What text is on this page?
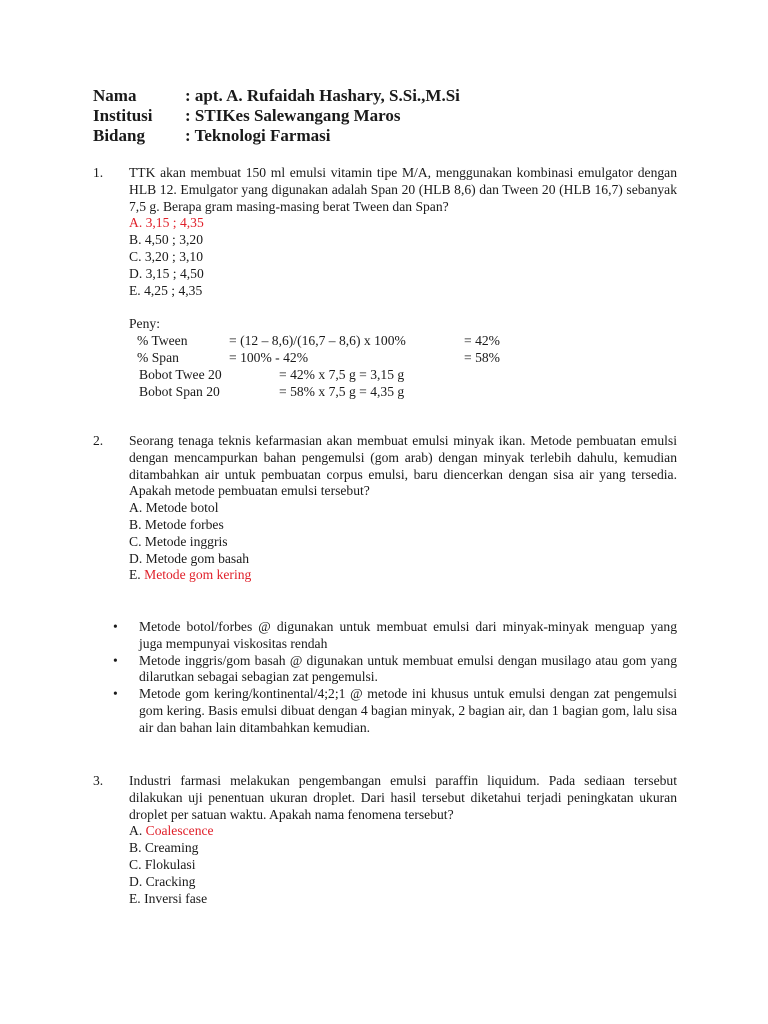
Nama	: apt. A. Rufaidah Hashary, S.Si.,M.Si
Institusi : STIKes Salewangang Maros
Bidang : Teknologi Farmasi
1. TTK akan membuat 150 ml emulsi vitamin tipe M/A, menggunakan kombinasi emulgator dengan HLB 12. Emulgator yang digunakan adalah Span 20 (HLB 8,6) dan Tween 20 (HLB 16,7) sebanyak 7,5 g. Berapa gram masing-masing berat Tween dan Span?
A. 3,15 ; 4,35
B. 4,50 ; 3,20
C. 3,20 ; 3,10
D. 3,15 ; 4,50
E. 4,25 ; 4,35
Peny:
% Tween	= (12 – 8,6)/(16,7 – 8,6) x 100%	= 42%
% Span	= 100% - 42%	= 58%
Bobot Twee 20	= 42% x 7,5 g = 3,15 g
Bobot Span 20	= 58% x 7,5 g = 4,35 g
2. Seorang tenaga teknis kefarmasian akan membuat emulsi minyak ikan. Metode pembuatan emulsi dengan mencampurkan bahan pengemulsi (gom arab) dengan minyak terlebih dahulu, kemudian ditambahkan air untuk pembuatan corpus emulsi, baru diencerkan dengan sisa air yang tersedia. Apakah metode pembuatan emulsi tersebut?
A. Metode botol
B. Metode forbes
C. Metode inggris
D. Metode gom basah
E. Metode gom kering
• Metode botol/forbes @ digunakan untuk membuat emulsi dari minyak-minyak menguap yang juga mempunyai viskositas rendah
• Metode inggris/gom basah @ digunakan untuk membuat emulsi dengan musilago atau gom yang dilarutkan sebagai sebagian zat pengemulsi.
• Metode gom kering/kontinental/4;2;1 @ metode ini khusus untuk emulsi dengan zat pengemulsi gom kering. Basis emulsi dibuat dengan 4 bagian minyak, 2 bagian air, dan 1 bagian gom, lalu sisa air dan bahan lain ditambahkan kemudian.
3. Industri farmasi melakukan pengembangan emulsi paraffin liquidum. Pada sediaan tersebut dilakukan uji penentuan ukuran droplet. Dari hasil tersebut diketahui terjadi peningkatan ukuran droplet per satuan waktu. Apakah nama fenomena tersebut?
A. Coalescence
B. Creaming
C. Flokulasi
D. Cracking
E. Inversi fase
